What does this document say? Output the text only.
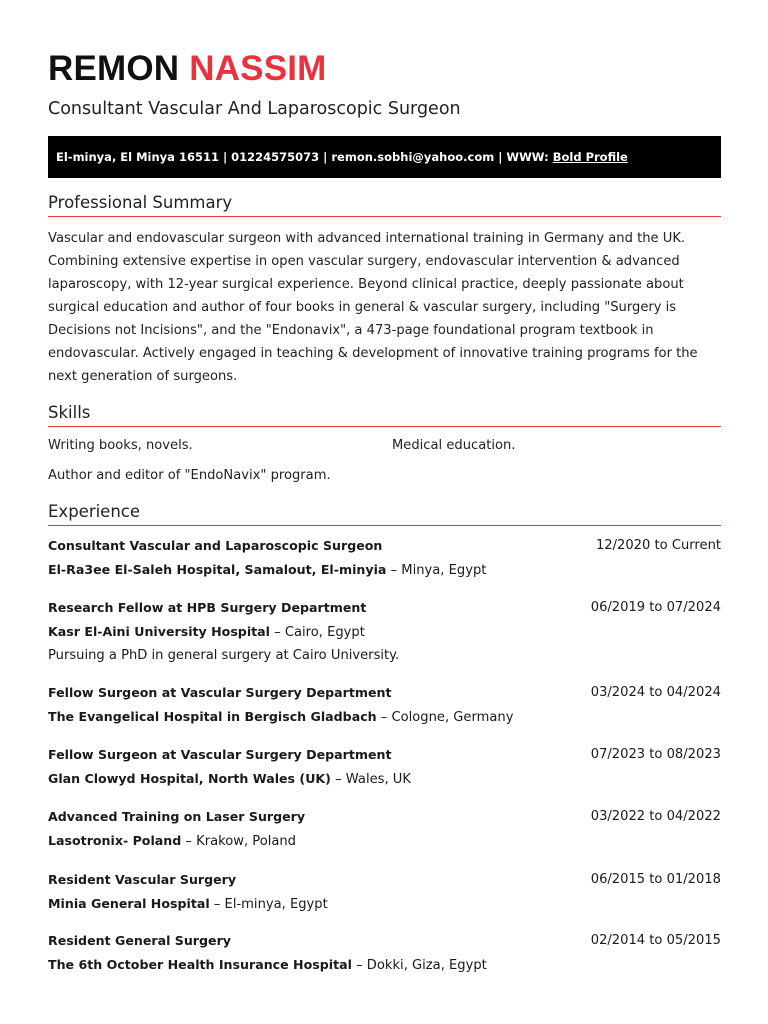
REMON NASSIM
Consultant Vascular And Laparoscopic Surgeon
El-minya, El Minya 16511 | 01224575073 | remon.sobhi@yahoo.com | WWW: Bold Profile
Professional Summary

Vascular and endovascular surgeon with advanced international training in Germany and the UK. Combining extensive expertise in open vascular surgery, endovascular intervention & advanced laparoscopy, with 12-year surgical experience. Beyond clinical practice, deeply passionate about surgical education and author of four books in general & vascular surgery, including "Surgery is Decisions not Incisions", and the "Endonavix", a 473-page foundational program textbook in endovascular. Actively engaged in teaching & development of innovative training programs for the next generation of surgeons.

Skills
Writing books, novels.	Medical education.
Author and editor of "EndoNavix" program.
Experience
Consultant Vascular and Laparoscopic Surgeon	12/2020 to Current
El-Ra3ee El-Saleh Hospital, Samalout, El-minyia – Minya, Egypt
Research Fellow at HPB Surgery Department	06/2019 to 07/2024
Kasr El-Aini University Hospital – Cairo, Egypt
Pursuing a PhD in general surgery at Cairo University.
Fellow Surgeon at Vascular Surgery Department	03/2024 to 04/2024
The Evangelical Hospital in Bergisch Gladbach – Cologne, Germany
Fellow Surgeon at Vascular Surgery Department	07/2023 to 08/2023
Glan Clowyd Hospital, North Wales (UK) – Wales, UK
Advanced Training on Laser Surgery	03/2022 to 04/2022
Lasotronix- Poland – Krakow, Poland
Resident Vascular Surgery	06/2015 to 01/2018
Minia General Hospital – El-minya, Egypt
Resident General Surgery	02/2014 to 05/2015
The 6th October Health Insurance Hospital – Dokki, Giza, Egypt
